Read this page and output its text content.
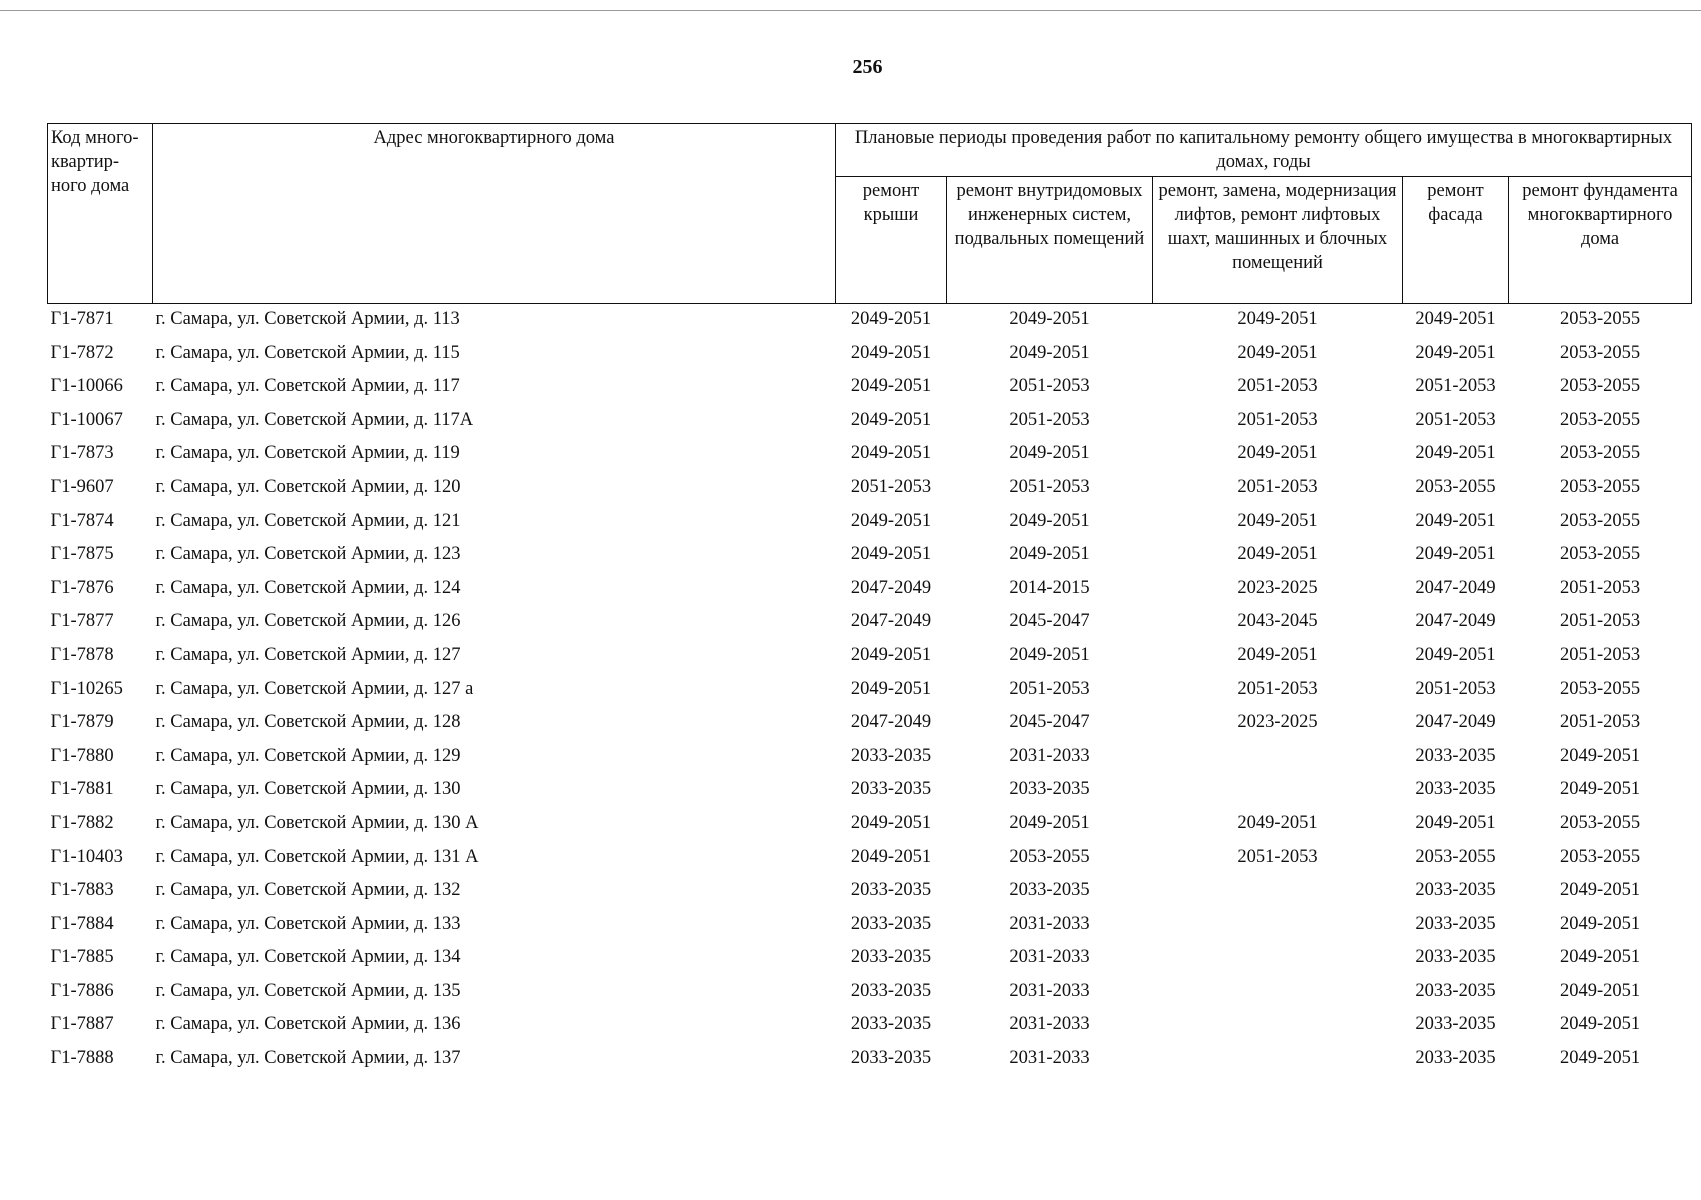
256
Код много-
квартир-
ного дома	Адрес многоквартирного дома	Плановые периоды проведения работ по капитальному ремонту общего имущества в многоквартирных домах, годы				
		ремонт крыши	ремонт внутридомовых инженерных систем, подвальных помещений	ремонт, замена, модернизация лифтов, ремонт лифтовых шахт, машинных и блочных помещений	ремонт фасада	ремонт фундамента многоквартирного дома
Г1-7871	г. Самара, ул. Советской Армии, д. 113	2049-2051	2049-2051	2049-2051	2049-2051	2053-2055
Г1-7872	г. Самара, ул. Советской Армии, д. 115	2049-2051	2049-2051	2049-2051	2049-2051	2053-2055
Г1-10066	г. Самара, ул. Советской Армии, д. 117	2049-2051	2051-2053	2051-2053	2051-2053	2053-2055
Г1-10067	г. Самара, ул. Советской Армии, д. 117А	2049-2051	2051-2053	2051-2053	2051-2053	2053-2055
Г1-7873	г. Самара, ул. Советской Армии, д. 119	2049-2051	2049-2051	2049-2051	2049-2051	2053-2055
Г1-9607	г. Самара, ул. Советской Армии, д. 120	2051-2053	2051-2053	2051-2053	2053-2055	2053-2055
Г1-7874	г. Самара, ул. Советской Армии, д. 121	2049-2051	2049-2051	2049-2051	2049-2051	2053-2055
Г1-7875	г. Самара, ул. Советской Армии, д. 123	2049-2051	2049-2051	2049-2051	2049-2051	2053-2055
Г1-7876	г. Самара, ул. Советской Армии, д. 124	2047-2049	2014-2015	2023-2025	2047-2049	2051-2053
Г1-7877	г. Самара, ул. Советской Армии, д. 126	2047-2049	2045-2047	2043-2045	2047-2049	2051-2053
Г1-7878	г. Самара, ул. Советской Армии, д. 127	2049-2051	2049-2051	2049-2051	2049-2051	2051-2053
Г1-10265	г. Самара, ул. Советской Армии, д. 127 а	2049-2051	2051-2053	2051-2053	2051-2053	2053-2055
Г1-7879	г. Самара, ул. Советской Армии, д. 128	2047-2049	2045-2047	2023-2025	2047-2049	2051-2053
Г1-7880	г. Самара, ул. Советской Армии, д. 129	2033-2035	2031-2033		2033-2035	2049-2051
Г1-7881	г. Самара, ул. Советской Армии, д. 130	2033-2035	2033-2035		2033-2035	2049-2051
Г1-7882	г. Самара, ул. Советской Армии, д. 130 А	2049-2051	2049-2051	2049-2051	2049-2051	2053-2055
Г1-10403	г. Самара, ул. Советской Армии, д. 131 А	2049-2051	2053-2055	2051-2053	2053-2055	2053-2055
Г1-7883	г. Самара, ул. Советской Армии, д. 132	2033-2035	2033-2035		2033-2035	2049-2051
Г1-7884	г. Самара, ул. Советской Армии, д. 133	2033-2035	2031-2033		2033-2035	2049-2051
Г1-7885	г. Самара, ул. Советской Армии, д. 134	2033-2035	2031-2033		2033-2035	2049-2051
Г1-7886	г. Самара, ул. Советской Армии, д. 135	2033-2035	2031-2033		2033-2035	2049-2051
Г1-7887	г. Самара, ул. Советской Армии, д. 136	2033-2035	2031-2033		2033-2035	2049-2051
Г1-7888	г. Самара, ул. Советской Армии, д. 137	2033-2035	2031-2033		2033-2035	2049-2051
